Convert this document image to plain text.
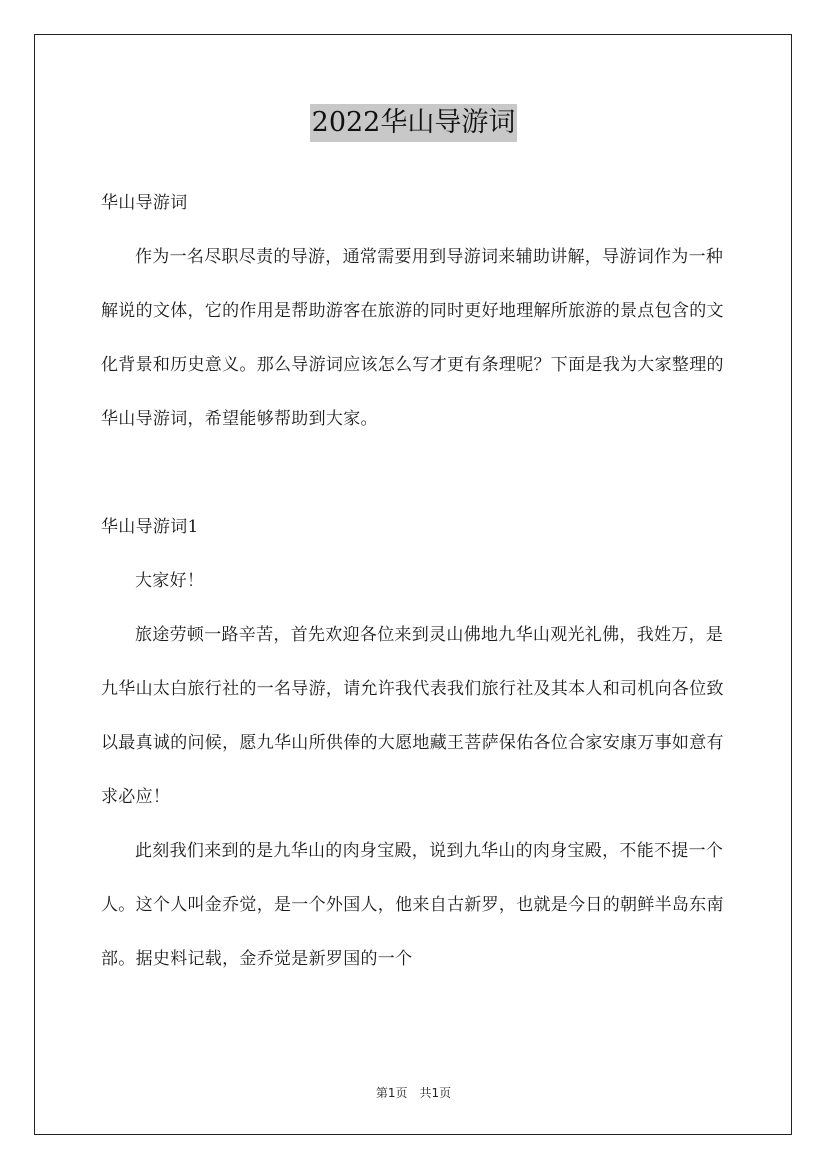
2022华山导游词

华山导游词

作为一名尽职尽责的导游，通常需要用到导游词来辅助讲解，导游词作为一种解说的文体，它的作用是帮助游客在旅游的同时更好地理解所旅游的景点包含的文化背景和历史意义。那么导游词应该怎么写才更有条理呢？下面是我为大家整理的华山导游词，希望能够帮助到大家。

华山导游词1

大家好！

旅途劳顿一路辛苦，首先欢迎各位来到灵山佛地九华山观光礼佛，我姓万，是九华山太白旅行社的一名导游，请允许我代表我们旅行社及其本人和司机向各位致以最真诚的问候，愿九华山所供俸的大愿地藏王菩萨保佑各位合家安康万事如意有求必应！

此刻我们来到的是九华山的肉身宝殿，说到九华山的肉身宝殿，不能不提一个人。这个人叫金乔觉，是一个外国人，他来自古新罗，也就是今日的朝鲜半岛东南部。据史料记载，金乔觉是新罗国的一个

第1页 共1页
